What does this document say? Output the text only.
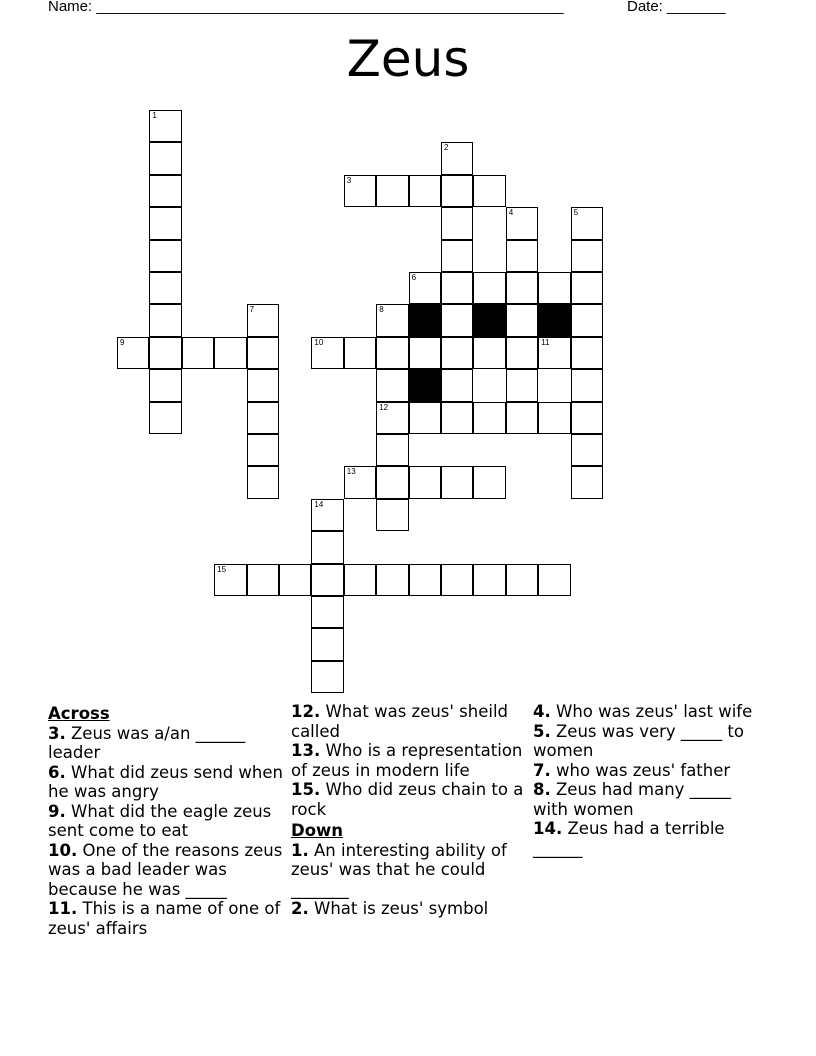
Name: ________________________________________________________	Date: _______
Zeus
1
9
7
2
3
4	5
6
8
12
10	11
13
14
15
Across
3. Zeus was a/an ______ leader
6. What did zeus send when he was angry
9. What did the eagle zeus sent come to eat
10. One of the reasons zeus was a bad leader was because he was _____
11. This is a name of one of zeus' affairs
12. What was zeus' sheild called
13. Who is a representation of zeus in modern life
15. Who did zeus chain to a rock
Down
1. An interesting ability of zeus' was that he could _______
2. What is zeus' symbol
4. Who was zeus' last wife
5. Zeus was very _____ to women
7. who was zeus' father
8. Zeus had many _____ with women
14. Zeus had a terrible ______
